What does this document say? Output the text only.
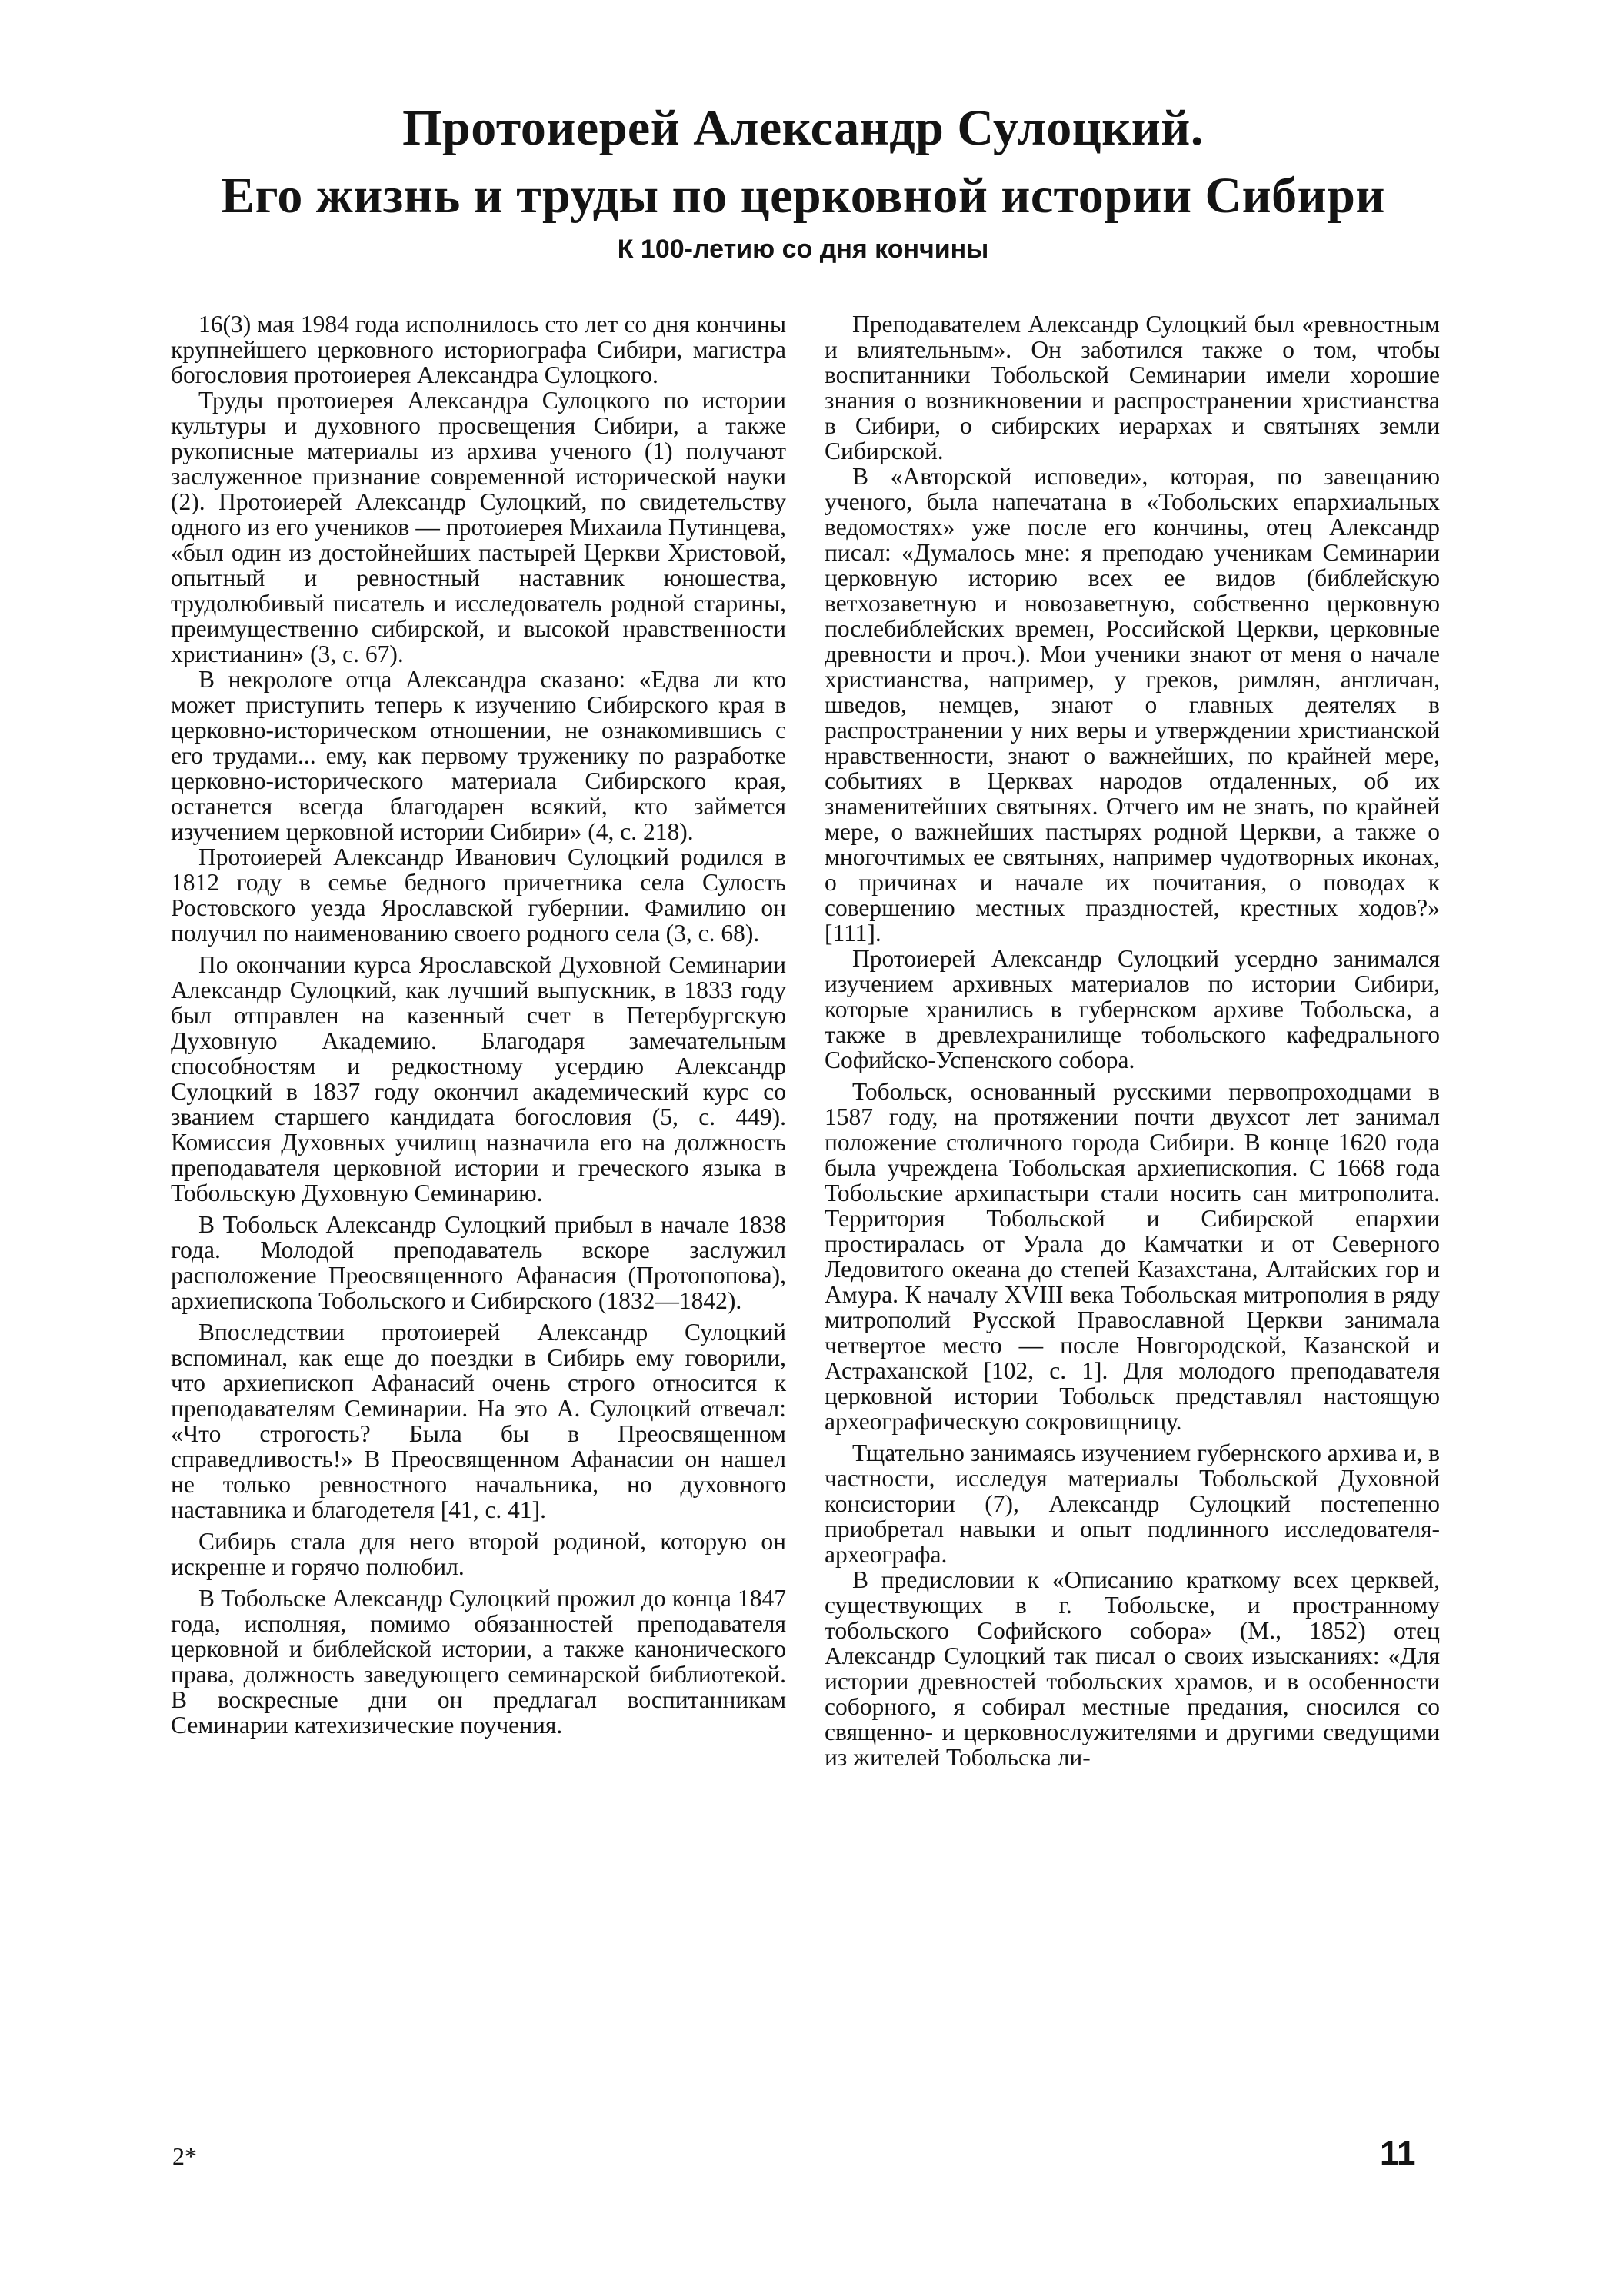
Протоиерей Александр Сулоцкий.
Его жизнь и труды по церковной истории Сибири
К 100-летию со дня кончины

16(3) мая 1984 года исполнилось сто лет со дня кончины крупнейшего церковного историографа Сибири, магистра богословия протоиерея Александра Сулоцкого.

Труды протоиерея Александра Сулоцкого по истории культуры и духовного просвещения Сибири, а также рукописные материалы из архива ученого (1) получают заслуженное признание современной исторической науки (2). Протоиерей Александр Сулоцкий, по свидетельству одного из его учеников — протоиерея Михаила Путинцева, «был один из достойнейших пастырей Церкви Христовой, опытный и ревностный наставник юношества, трудолюбивый писатель и исследователь родной старины, преимущественно сибирской, и высокой нравственности христианин» (3, с. 67).

В некрологе отца Александра сказано: «Едва ли кто может приступить теперь к изучению Сибирского края в церковно-историческом отношении, не ознакомившись с его трудами... ему, как первому труженику по разработке церковно-исторического материала Сибирского края, останется всегда благодарен всякий, кто займется изучением церковной истории Сибири» (4, с. 218).

Протоиерей Александр Иванович Сулоцкий родился в 1812 году в семье бедного причетника села Сулость Ростовского уезда Ярославской губернии. Фамилию он получил по наименованию своего родного села (3, с. 68).

По окончании курса Ярославской Духовной Семинарии Александр Сулоцкий, как лучший выпускник, в 1833 году был отправлен на казенный счет в Петербургскую Духовную Академию. Благодаря замечательным способностям и редкостному усердию Александр Сулоцкий в 1837 году окончил академический курс со званием старшего кандидата богословия (5, с. 449). Комиссия Духовных училищ назначила его на должность преподавателя церковной истории и греческого языка в Тобольскую Духовную Семинарию.

В Тобольск Александр Сулоцкий прибыл в начале 1838 года. Молодой преподаватель вскоре заслужил расположение Преосвященного Афанасия (Протопопова), архиепископа Тобольского и Сибирского (1832—1842).

Впоследствии протоиерей Александр Сулоцкий вспоминал, как еще до поездки в Сибирь ему говорили, что архиепископ Афанасий очень строго относится к преподавателям Семинарии. На это А. Сулоцкий отвечал: «Что строгость? Была бы в Преосвященном справедливость!» В Преосвященном Афанасии он нашел не только ревностного начальника, но духовного наставника и благодетеля [41, с. 41].

Сибирь стала для него второй родиной, которую он искренне и горячо полюбил.

В Тобольске Александр Сулоцкий прожил до конца 1847 года, исполняя, помимо обязанностей преподавателя церковной и библейской истории, а также канонического права, должность заведующего семинарской библиотекой. В воскресные дни он предлагал воспитанникам Семинарии катехизические поучения.

Преподавателем Александр Сулоцкий был «ревностным и влиятельным». Он заботился также о том, чтобы воспитанники Тобольской Семинарии имели хорошие знания о возникновении и распространении христианства в Сибири, о сибирских иерархах и святынях земли Сибирской.

В «Авторской исповеди», которая, по завещанию ученого, была напечатана в «Тобольских епархиальных ведомостях» уже после его кончины, отец Александр писал: «Думалось мне: я преподаю ученикам Семинарии церковную историю всех ее видов (библейскую ветхозаветную и новозаветную, собственно церковную послебиблейских времен, Российской Церкви, церковные древности и проч.). Мои ученики знают от меня о начале христианства, например, у греков, римлян, англичан, шведов, немцев, знают о главных деятелях в распространении у них веры и утверждении христианской нравственности, знают о важнейших, по крайней мере, событиях в Церквах народов отдаленных, об их знаменитейших святынях. Отчего им не знать, по крайней мере, о важнейших пастырях родной Церкви, а также о многочтимых ее святынях, например чудотворных иконах, о причинах и начале их почитания, о поводах к совершению местных праздностей, крестных ходов?» [111].

Протоиерей Александр Сулоцкий усердно занимался изучением архивных материалов по истории Сибири, которые хранились в губернском архиве Тобольска, а также в древлехранилище тобольского кафедрального Софийско-Успенского собора.

Тобольск, основанный русскими первопроходцами в 1587 году, на протяжении почти двухсот лет занимал положение столичного города Сибири. В конце 1620 года была учреждена Тобольская архиепископия. С 1668 года Тобольские архипастыри стали носить сан митрополита. Территория Тобольской и Сибирской епархии простиралась от Урала до Камчатки и от Северного Ледовитого океана до степей Казахстана, Алтайских гор и Амура. К началу XVIII века Тобольская митрополия в ряду митрополий Русской Православной Церкви занимала четвертое место — после Новгородской, Казанской и Астраханской [102, с. 1]. Для молодого преподавателя церковной истории Тобольск представлял настоящую археографическую сокровищницу.

Тщательно занимаясь изучением губернского архива и, в частности, исследуя материалы Тобольской Духовной консистории (7), Александр Сулоцкий постепенно приобретал навыки и опыт подлинного исследователя-археографа.

В предисловии к «Описанию краткому всех церквей, существующих в г. Тобольске, и пространному тобольского Софийского собора» (М., 1852) отец Александр Сулоцкий так писал о своих изысканиях: «Для истории древностей тобольских храмов, и в особенности соборного, я собирал местные предания, сносился со священно- и церковнослужителями и другими сведущими из жителей Тобольска ли-

2*	11
